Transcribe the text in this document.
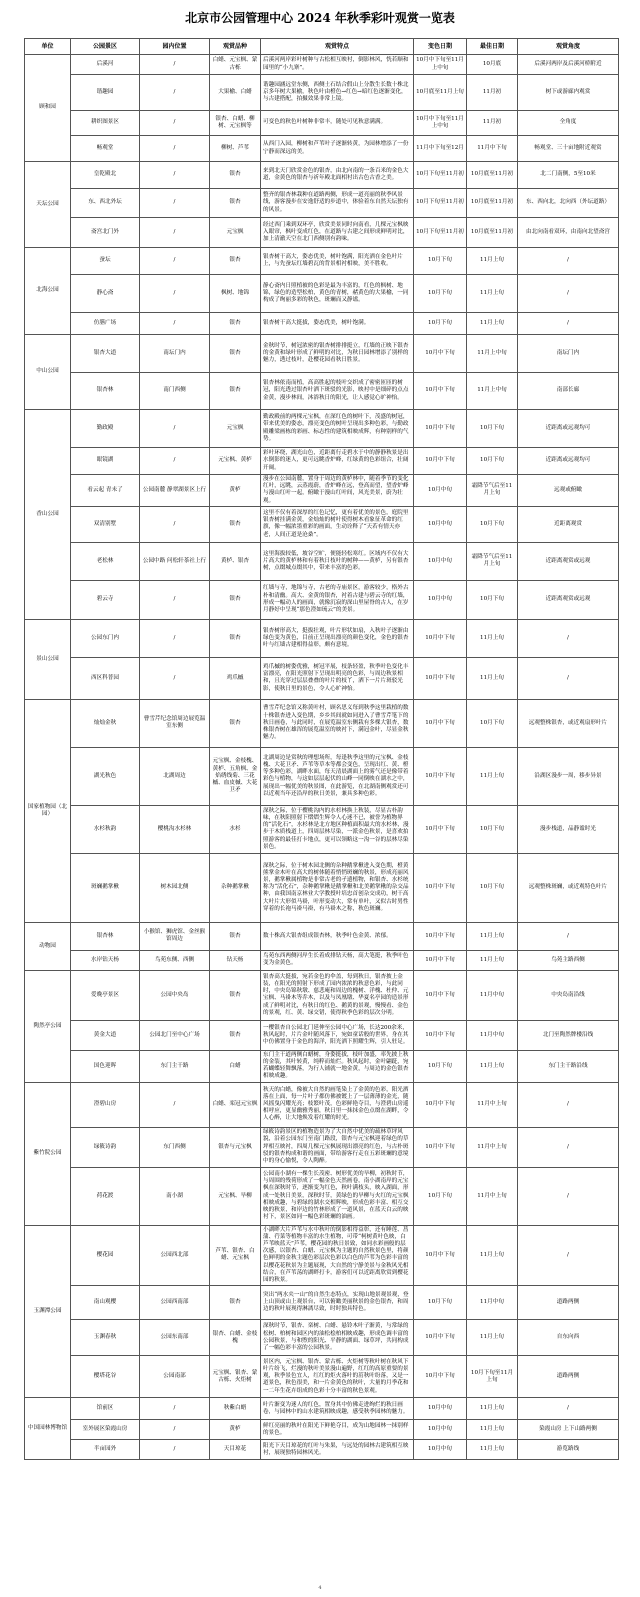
北京市公园管理中心 2024 年秋季彩叶观赏一览表
单位	公园景区	园内位置	观赏品种	观赏特点	变色日期	最佳日期	观赏角度
顾和园	后溪河	/	白蜡、元宝枫、蒙古栎	后溪河两岸彩叶树种与古松相互映衬，倒影林风，恍若顺和园里的“小九寨”。	10月中下旬至11月上中旬	10月底	后溪河两岸及后溪河桥附近
	谐趣园	/	大果榆、白蜡	谐趣园涵远堂东侧，西侧土石结合假山上分散生长数十株北京多年树大果榆，秋色叶由橙色→红色→暗红色逐渐变化，与古建搭配，拍摄效果非常上镜。	10月底至11月上旬	11月初	树下或游廊内观赏
	耕织图景区	/	银杏、白蜡、柳树、元宝枫等	可变色的秋色叶树种非常丰，随处可见秋意满满。	10月中下旬至11月上中旬	11月初	全角度
	畅观堂	/	柳树、芦苇	从西门入园，柳树和芦苇叶子逐渐转黄，为园林增添了一份宁静而深远的美。	11月中下旬至12月	11月中下旬	畅观堂、三十亩地附近观赏
天坛公园	皇乾殿北	/	银杏	来到北天门欣赏金色的银杏，由北向南的一条百米的金色大道，金黄色的银杏与祈年殿北面相衬出古色古香之美。	10月下旬至11月初	10月底至11月初	北二门南侧，5至10米
	东、西北外坛	/	银杏	整齐的银杏林栽种在道路两侧，形成一道亮丽的秋季风景线，游客漫步在安逸舒适的步道中，体验着东自然天坛独有的风景。	10月下旬至11月初	10月底至11月初	东、西向北，北向西（外坛道路）
	斋宫北门外	/	元宝枫	经过西门乘到双环亭，欣赏美景同时向南看，几棵元宝枫映入眼帘，枫叶变成红色，在道路与古建之间形成鲜明对比，加上清澈天空在北门西侧别有韵味。	10月下旬至11月初	10月底至11月初	由北向南看双环，由南向北望斋宫
北海公园	蚕坛	/	银杏	银杏树干高大，姿态优美，树叶饱满，阳光洒在金色叶片上，与先蚕坛红墙碧瓦的背景相衬相映，美不胜收。	10月下旬	11月上旬	/
	静心斋	/	枫树、地锦	静心斋内日照植被的色彩是最为丰富的，红色的枫树、地锦，绿色的造型松柏，黄色的青树，赭黄色的大果榆，一同构成了绚丽多彩的秋色，斑斓而又静谧。	10月下旬	11月上旬	/
	仿膳广场	/	银杏	银杏树干高大挺拔，姿态优美，树叶饱满。	10月下旬	11月上旬	/
中山公园	银杏大道	南坛门内	银杏	金秋时节，树冠浓密的银杏树排排挺立，红墙的正映下银杏的金黄和绿叶形成了鲜明的对比，为秋日园林增添了别样的魅力，透过枝叶，赴樱花园看秋日胜景。	10月中下旬	11月上中旬	南坛门内
	银杏林	南门西侧	银杏	银杏林依南而植，高高胜起的枝叶交织成了密密匝匝的树冠，阳光透过银杏叶洒下斑驳的光影，映衬中是细碎的点点金黄，漫步林间，沐浴秋日的阳光，让人感觉心旷神怡。	10月中下旬	11月上中旬	南部长廊
香山公园	勤政殿	/	元宝枫	勤政殿前的两棵元宝枫，在深红色的树叶下，茂盛的树冠，带来优美的姿态，漂亮变色的树叶呈现出多种色彩，与勤政殿雕梁画栋的彩画、标志性的建筑相映成辉，有种别样的气势。	10月中下旬	10月下旬	近距离或远观均可
	眼镜湖	/	元宝枫、黄栌	彩叶环绕，湖光山色，近距离行走碧水于中的静静秋景是出水倒影的迷人，更可远眺香炉峰，红绿黄的色彩组合，壮阔开阔。	10月中下旬	10月下旬	近距离或远观均可
	看云起 青未了	公园南麓 静翠湖景区上行	黄栌	漫步在公园南麓，置身于周边的黄栌林中，随着季节的变化红叶，远眺，云蒸霞蔚，香炉峰在远，登高而望，望香炉峰与漫山红叶一起，俯瞰于漫山红叶间，风光美景，蔚为壮观。	10月中旬	霜降节气后至11月上旬	远观或俯瞰
	双清别墅	/	银杏	这里不仅有着深厚的红色记忆，更有着优美的景色，庭院里银杏树挂满金黄，金灿灿的树叶使得树木看象征革命的红旗，像一幅浓墨重彩的画面，生动诠释了“天若有情天亦老，人间正道是沧桑”。	10月中旬	10月下旬	近距离观赏
	老松林	公园中路 问松轩茶社上行	黄栌、银杏	这里海拔较低，坡谷空旷，便能轻松寒红。区域内不仅有大片高大的黄栌林和有着秋日枝叶的树种——黄栌，另有银杏树，点缀城点缀其中，带来丰富的色彩。	10月中旬	霜降节气后至11月上旬	近距离观赏或远观
	碧云寺	/	银杏	红墙与寺，地锦与寺，古老的寺庙景区，游客较少，格外古朴和清幽。高大、金黄的银杏，衬着古建与碧云寺的红墙，形成一幅动人的画面，就像沉寂的深山里屋脊的古人，在岁月静好中呈现“那色澄如琉云”的美景。	10月中旬	10月下旬	近距离观赏或远观
景山公园	公园东门内	/	银杏	银杏树形高大，挺拔壮观，叶片形状如扇，入秋叶子逐渐由绿色变为黄色，目前正呈现出漂亮的颜色变化，金色的银杏叶与红墙古建相得益彰，颇有意境。	10月中下旬	11月上旬	/
	西区科普园	/	鸡爪槭	鸡爪槭的树姿优雅，树冠平展，枝条轻盈，秋季叶色变化丰富漂亮，在阳光照射下呈现出明亮的色彩，与周边秋景相和，且光穿过层层叠叠的叶片的枝丫，洒下一片片斑驳光影，使秋日里的景色，令人心旷神怡。	10月中下旬	11月上旬	/
国家植物园（北园）	灿灿金秋	曹雪芹纪念馆周边展览温室东侧	银杏	曹雪芹纪念馆又称黄叶村，顾名思义每到秋季这里栽植的数十株银杏进入变色期，乡乡其间就如同进入了曹雪芹笔下的秋日画卷，与此同时，在展览温室东侧栽有多棵大银杏，数株银杏树在雄浑的展览温室的映衬下，满冠金叶，尽显金秋魅力。	10月中下旬	10月下旬	远观整株银杏，或近观扇形叶片
	湖光秋色	北湖周边	元宝枫、金枝槐、黄栌、五角枫、金焰绣线菊、三花槭、血皮槭、大花卫矛	北湖周边是赏秋的理想场所，每逢秋季这里的元宝枫、金枝槐、大花卫矛、芦苇等草本等都会变色，呈现出红、黄、橙等多种色彩，湖畔水面，每天清晨湖面上的雾气还是像带着彩色与植物，与这如层层起伏的山峰一同倒映在湖水之中，展现出一幅优美的秋景图，在此游览，在北湖南侧观赏还可以近观当年还沿岸的秋日美景，兼具多种色彩。	10月中下旬	11月上旬	沿湖区漫步一周，移步异景
	水杉秋韵	樱桃沟水杉林	水杉	深秋之际，位于樱桃沟内的水杉林换上秋装，尽显古朴韵味，在秋阳照射下熠熠生辉令人心迷不已，被誉为植物界的“活化石”，水杉林是北方地区种植面积最大的水杉林，漫步于木质栈道上，四周层林尽染，一派金色秋景，是喜欢拍照游客的最佳打卡地点，更可以领略这一沟一谷的层林尽染景色。	10月中下旬	10月下旬	漫步栈道，品静谧时光
	斑斓鹅掌楸	树木园北侧	杂种鹅掌楸	深秋之际，位于树木园北侧的杂种鹅掌楸进入变色期，橙黄熊掌金木叶在高大的树体随着悄悄斑斓的秋景，形成亮丽风景，鹅掌楸属植物是非常古老的孑遗植物，和银杏、水杉统称为“活化石”，杂种鹅掌楸是鹅掌楸和北美鹅掌楸的杂交品种，由我国南京林业大学教授叶培忠首创杂交成功，树干高大叶片大形似马褂，叶形变动大，常有单叶，又似古时男性穿着的长袍马褂马褂，有马褂木之称，秋色斑斓。	10月中下旬	10月下旬	远观整株斑斓，或近观特色叶片
动物园	银杏林	小猴馆、狮虎馆、金丝猴馆周边	银杏	数十株高大银杏组成银杏林，秋季叶色金黄、浓郁。	10月中下旬	11月上旬	/
	水岸钻天杨	鸟苑东侧、西侧	钻天杨	鸟苑东西两侧河岸生长着成排钻天杨，高大笔挺，秋季叶色变为金黄色。	10月中下旬	11月上旬	鸟苑主路西侧
陶然亭公园	爱晚亭景区	公园中央岛	银杏	银杏高大挺拔，宛若金色的伞盖，每到秋日，银杏披上金装，在阳光的照射下形成了园内浓浓的秋意色彩，与此同时，中央岛锦秋墩、慈悲庵和周边的槐树、洋槐、杜仲、元宝枫、马褂木等乔木，以及与凤凰墩、华夏名亭园的造景形成了鲜明对比，有秋日的红色、鹅黄的景观，慢慢看、金色的景观，红、黄、绿交错，使得秋季色彩的层次分明。	10月中下旬	11月中旬	中央岛南沿线
	黄金大道	公园北门至中心广场	银杏	一樱银杏自公园北门延伸至公园中心广场，长达200余米，秋风起时，片片金叶随风落下，宛如童话般的世界，身在其中仿佛置身于金色的海洋，阳光洒下照耀生辉，引人驻足。	10月中下旬	11月中旬	北门至陶然牌楼沿线
	国色迎晖	东门主干路	白蜡	东门主干道两侧白蜡树，身姿挺拔，枝叶加盛，率先披上秋的金装，其叶转黄，纯粹而灿烂。秋风起时，金叶翩跹，宛若蝴蝶轻舞飘落，为行人铺就一地金黄，与周边的金色银杏相映成趣。	10月下旬	11月上旬	东门主干路沿线
紫竹院公园	澄碧山房	/	白蜡、栾冠元宝枫	秋天的白蜡，像被大自然的画笔染上了金黄的色彩，阳光洒落在上面，每一片叶子都仿佛被镀上了一层薄薄的金光，随风摇曳闪耀光亮；枝繁叶茂，色彩鲜艳夺目，与澄碧山房遥相呼应，更显幽雅秀丽，秋日里一抹抹金色点缀在湖畔，令人心醉，让大地焕发着红耀的时光。	10月中下旬	11月中上旬	/
	绿筱诗韵	东门西侧	银杏与元宝枫	绿筱诗韵景区的植物造景为了大自然中优美的疏林草坪风貌，沿着公园东门至南门路段，银杏与元宝枫迎着绿色的草坪相互映衬，四周几棵元宝枫展现出漂亮的红色，与古朴斑驳的银杏构成和谐的画面，带给游客行走在五彩斑斓的意境中的身心愉悦，令人陶醉。	10月中下旬	11月中上旬	/
	荷花渡	南小湖	元宝枫、旱柳	公园南小湖有一棵生长茂密、树形优美的旱柳，初秋时节，与周围的残荷形成了一幅金色天然画卷，南小湖南岸的元宝枫在深秋时节，逐渐变为红色，秋叶满枝头，映入湖面，形成一处秋日美景，深秋时节，黄绿色的旱柳与火红的元宝枫相映成趣，与碧绿的湖水交相辉映，形成色彩丰富、相互交映的秋景，和岸边的竹林形成了一道风景，在蓝天白云的映衬下，景区如同一幅色彩斑斓的油画。	10月下旬	11月中上旬	/
玉渊潭公园	樱花园	公园西北部	芦苇、银杏、白蜡、元宝枫	小湖畔大片芦苇与水中秋叶的倒影相得益彰，还有睡莲、菖蒲、荇菜等植物丰富的水生植物，可带“柯树黄叶色映，白芦苇映蓝天”芦苇，樱花园的秋日景致，如同水彩画般的层次感，以银杏、白蜡、元宝枫为主题的自然秋景色里，将颜色鲜明的金秋主题色彩层次色彩以白色的芦苇为色彩丰富的以樱花花秋景为主题展现，大自然的宁静美景与金秋风光相结合，在芦苇荡的湖畔打卡，游客们可以近距离欣赏到樱花园的秋景。	10月中下旬	11月上旬	/
	南山观樱	公园西南部	银杏	突出“两水夹一山”的自然生态特点，实现山地景观景观，登上山顶或山上观景台，可以俯瞰美丽秋景的金色银杏，和周边的秋叶展现得淋漓尽致，时时独具特色。	10月下旬	11月中旬	道路两侧
	玉渊春秋	公园东南部	银杏、白蜡、金枝槐	深秋时节，银杏、栾树、白蜡、悬铃木叶子渐黄，与常绿的松树、柏树和园区内的油松桧柏相映成趣，形成色调丰富的公园秋景，与和煦的阳光、平静的湖面、绿草坪，共同构成了一幅色彩丰富的公园秋景。	10月中下旬	11月上旬	自东向西
	樱塔花谷	公园南部	元宝枫、银杏、蒙古栎、火炬树	景区内，元宝枫、银杏、蒙古栎、火炬树等秋叶树在秋风下叶片纷飞，烂漫的秋叶美景漫山遍野，红红的高原重要的景观，秋季景色宜人，红红的炬火落叶的茁秋叶纷落，又是一道景色，秋色很美，和一片金黄色的秋叶，大量的月季花和一二年生花卉组成的色彩十分丰富的秋色景观。	10月中下旬	10月下旬至11月上旬	道路两侧
中国园林博物馆	馆前区	/	秋紫白蜡	叶片渐变为迷人的红色，置身其中仿佛走进绚烂的秋日画卷，与园林中的山水建筑相映成趣，感受秋季园林的魅力。	10月中旬	11月上旬	/
	室外展区染霞山房	/	黄栌	鲜红亮丽的秋叶在阳光下鲜艳夺目，成为山地园林一抹别样的景色。	10月中旬	11月上旬	染霞山房 上下山路两侧
	半亩园外	/	天目琼花	阳光下天目琼花的红叶与朱果，与远处的园林古建筑相互映衬，展现独特园林风光。	10月中旬	11月上旬	游览路线
4
